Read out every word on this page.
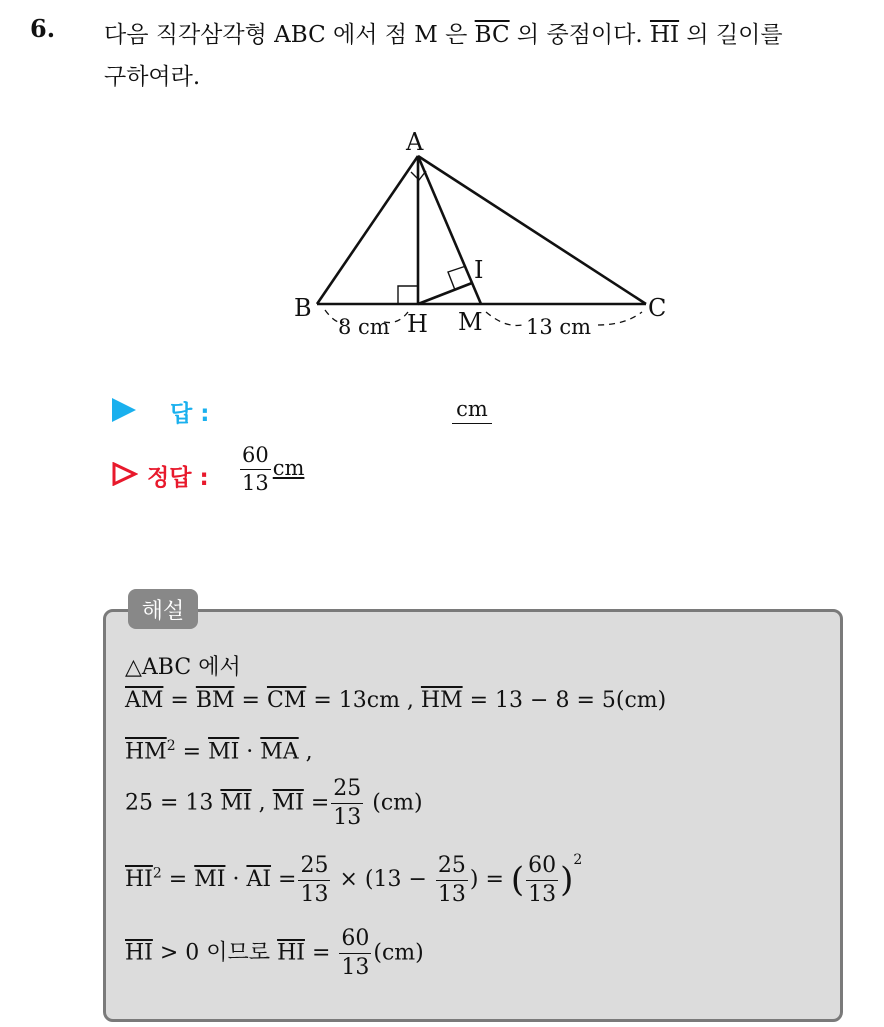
6. 다음 직각삼각형 ABC 에서 점 M 은 $\overline{BC}$ 의 중점이다. $\overline{HI}$ 의 길이를
구하여라.
A
B	C
H M
I
8 cm	13 cm
답 :	cm
정답 : $\frac{60}{13}$ cm
해설
△ABC 에서
$\overline{AM} = \overline{BM} = \overline{CM} = 13cm$ , $\overline{HM} = 13 - 8 = 5(cm)$
$\overline{HM}^2 = \overline{MI} \cdot \overline{MA}$ ,
25 = 13 $\overline{MI}$ , $\overline{MI} = \frac{25}{13} (cm)$
$\overline{HI}^2 = \overline{MI} \cdot \overline{AI} = \frac{25}{13} \times (13 - \frac{25}{13}$ ) = ( $\frac{60}{13} )^2$
$\overline{HI} > 0$ 이므로 $\overline{HI} = \frac{60}{13} (cm)$
